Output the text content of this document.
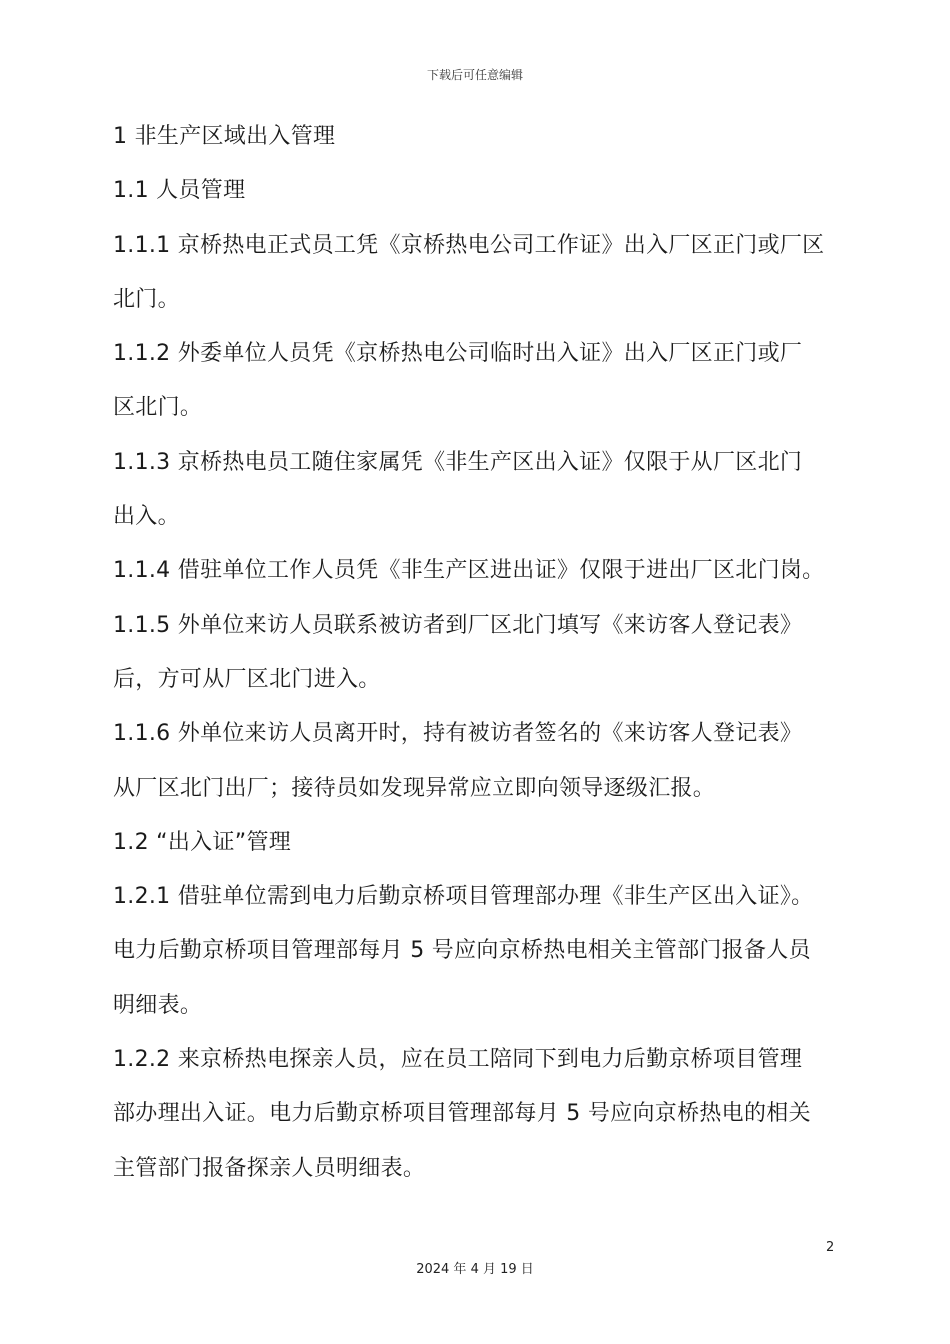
下载后可任意编辑
1 非生产区域出入管理
1.1 人员管理
1.1.1 京桥热电正式员工凭《京桥热电公司工作证》出入厂区正门或厂区
北门。
1.1.2 外委单位人员凭《京桥热电公司临时出入证》出入厂区正门或厂
区北门。
1.1.3 京桥热电员工随住家属凭《非生产区出入证》仅限于从厂区北门
出入。
1.1.4 借驻单位工作人员凭《非生产区进出证》仅限于进出厂区北门岗。
1.1.5 外单位来访人员联系被访者到厂区北门填写《来访客人登记表》
后，方可从厂区北门进入。
1.1.6 外单位来访人员离开时，持有被访者签名的《来访客人登记表》
从厂区北门出厂；接待员如发现异常应立即向领导逐级汇报。
1.2 “出入证”管理
1.2.1 借驻单位需到电力后勤京桥项目管理部办理《非生产区出入证》。
电力后勤京桥项目管理部每月 5 号应向京桥热电相关主管部门报备人员
明细表。
1.2.2 来京桥热电探亲人员，应在员工陪同下到电力后勤京桥项目管理
部办理出入证。电力后勤京桥项目管理部每月 5 号应向京桥热电的相关
主管部门报备探亲人员明细表。
2
2024 年 4 月 19 日
